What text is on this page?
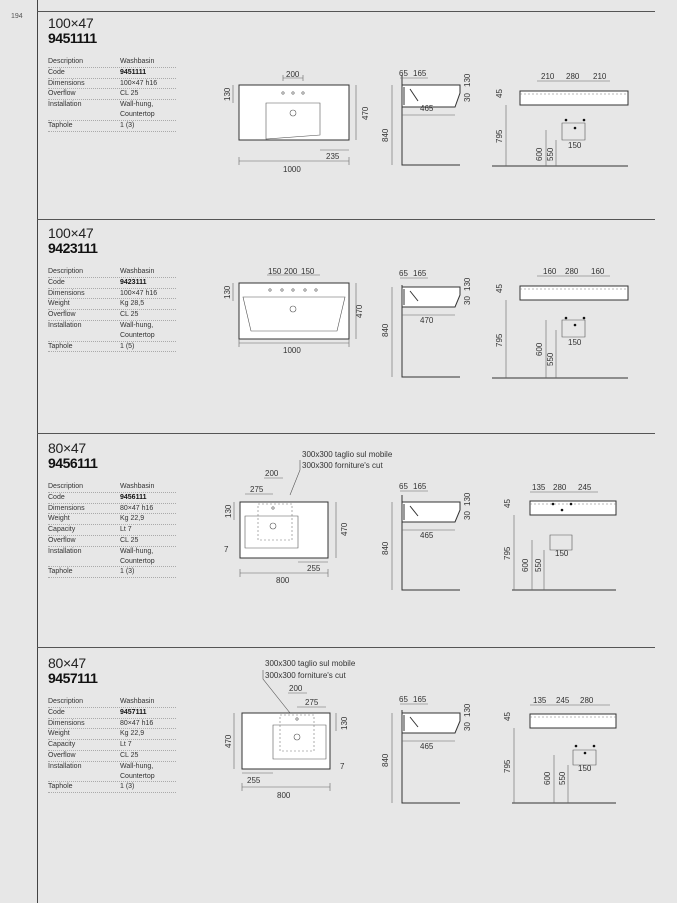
194 100×47
9451111
Description	Washbasin
Code	9451111
Dimensions	100×47 h16
Overflow	CL 25
Installation	Wall-hung, Countertop
Taphole	1 (3)
200
130
470
235
1000
65 165
30
130
465
840
210 280 210
45
795
600 550
150
100×47
9423111
Description	Washbasin
Code	9423111
Dimensions	100×47 h16
Weight	Kg 28,5
Overflow	CL 25
Installation	Wall-hung, Countertop
Taphole	1 (5)
150 200 150
130
470
1000
65 165
30
130
470
840
160 280 160
45
795
600
550
150
80×47
9456111
Description	Washbasin
Code	9456111
Dimensions	80×47 h16
Weight	Kg 22,9
Capacity	Lt 7
Overflow	CL 25
Installation	Wall-hung, Countertop
Taphole	1 (3)
300x300 taglio sul mobile
300x300 forniture's cut
200
275
130
470
7
255
800
65 165
30
130
465
840
135 280 245
45
795
600 550
150
80×47
9457111
Description	Washbasin
Code	9457111
Dimensions	80×47 h16
Weight	Kg 22,9
Capacity	Lt 7
Overflow	CL 25
Installation	Wall-hung, Countertop
Taphole	1 (3)
300x300 taglio sul mobile
300x300 forniture's cut
200
275
130
470
7
255
800
65 165
30
130
465
840
135 245 280
45
795
600 550
150
